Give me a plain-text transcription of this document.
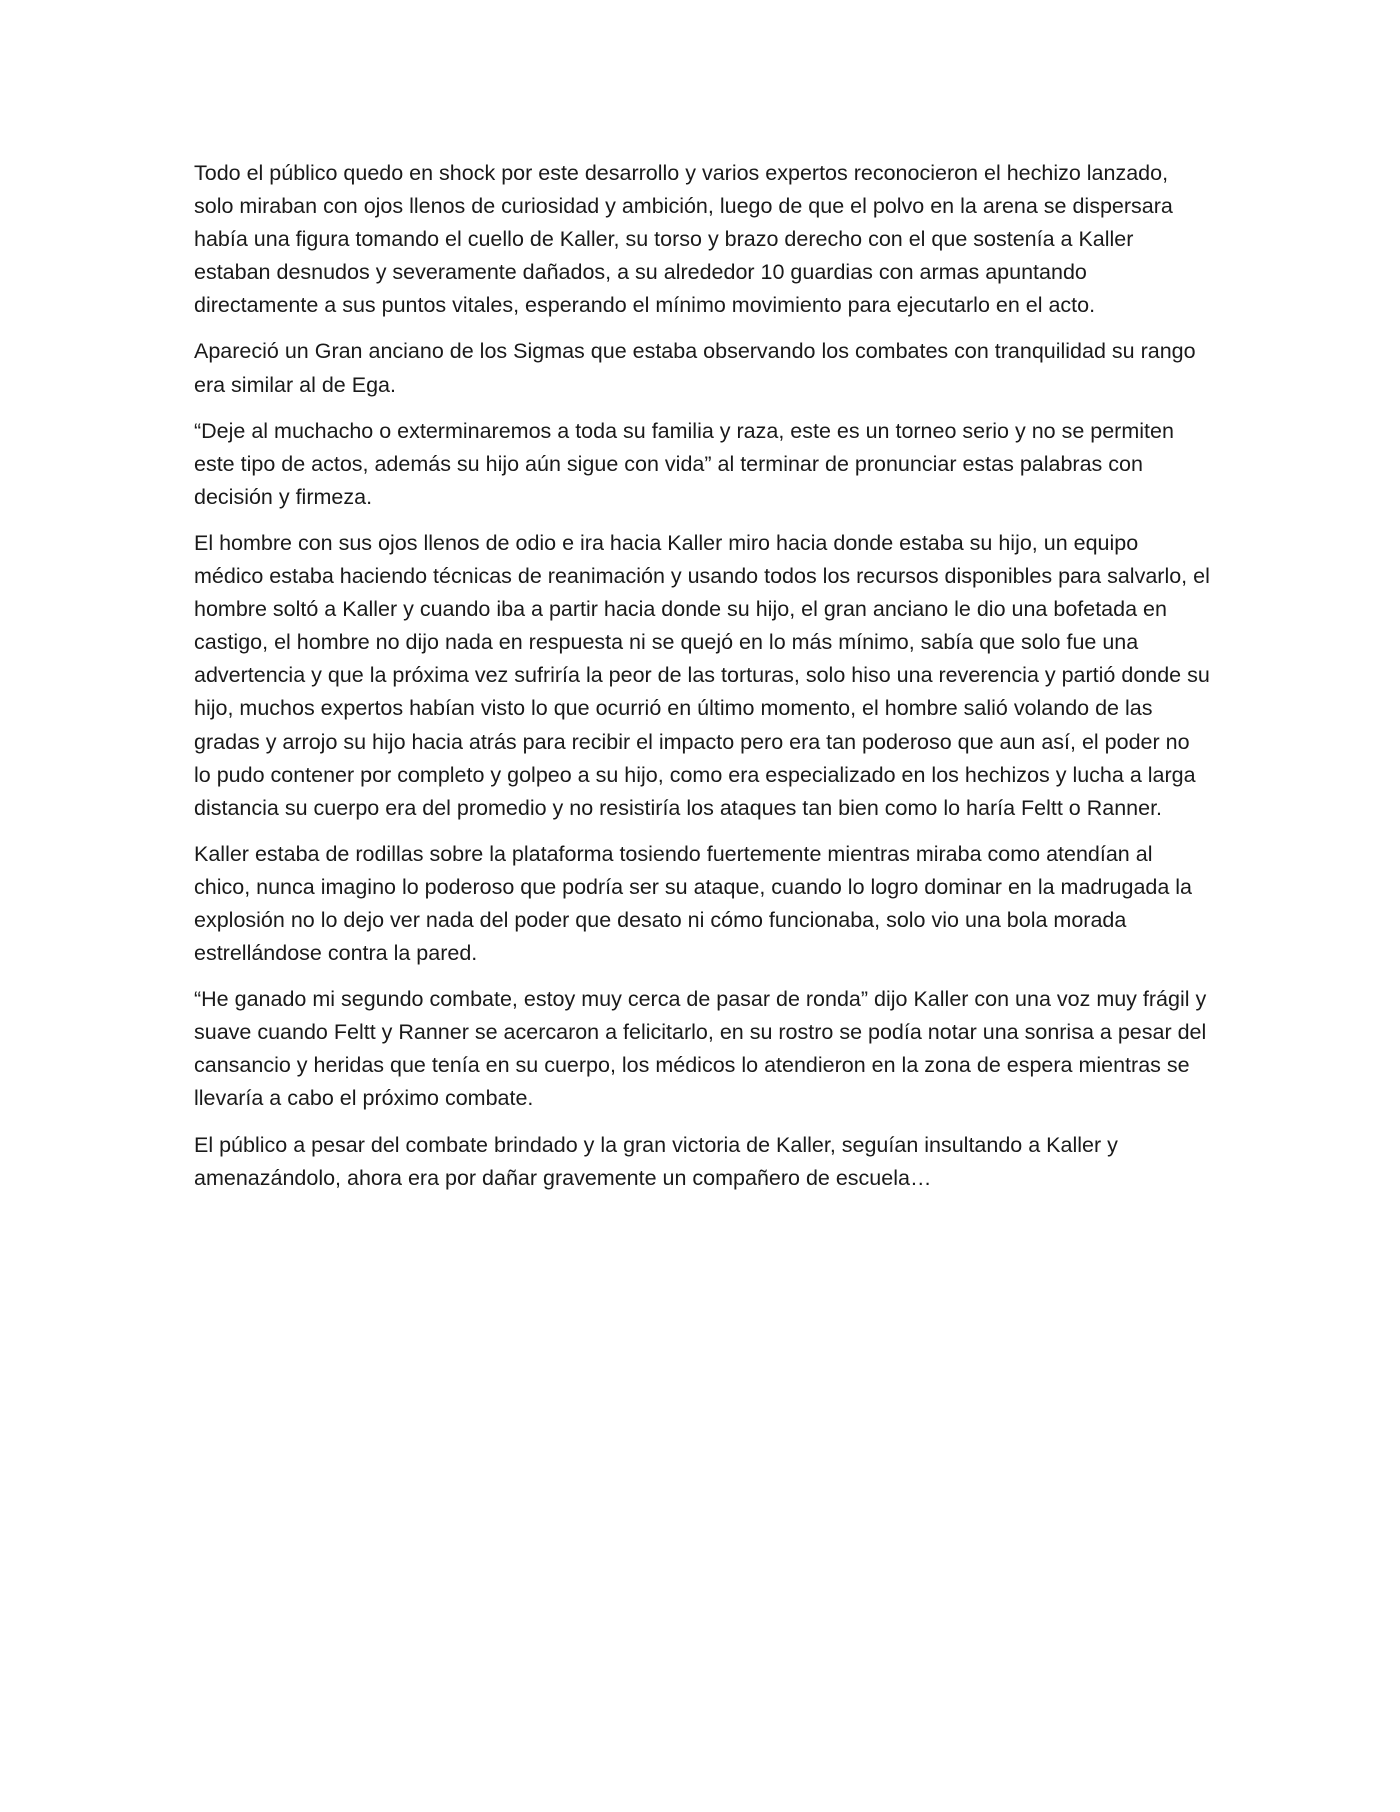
Todo el público quedo en shock por este desarrollo y varios expertos reconocieron el hechizo lanzado, solo miraban con ojos llenos de curiosidad y ambición, luego de que el polvo en la arena se dispersara había una figura tomando el cuello de Kaller, su torso y brazo derecho con el que sostenía a Kaller estaban desnudos y severamente dañados, a su alrededor 10 guardias con armas apuntando directamente a sus puntos vitales, esperando el mínimo movimiento para ejecutarlo en el acto.

Apareció un Gran anciano de los Sigmas que estaba observando los combates con tranquilidad su rango era similar al de Ega.

“Deje al muchacho o exterminaremos a toda su familia y raza, este es un torneo serio y no se permiten este tipo de actos, además su hijo aún sigue con vida” al terminar de pronunciar estas palabras con decisión y firmeza.

El hombre con sus ojos llenos de odio e ira hacia Kaller miro hacia donde estaba su hijo, un equipo médico estaba haciendo técnicas de reanimación y usando todos los recursos disponibles para salvarlo, el hombre soltó a Kaller y cuando iba a partir hacia donde su hijo, el gran anciano le dio una bofetada en castigo, el hombre no dijo nada en respuesta ni se quejó en lo más mínimo, sabía que solo fue una advertencia y que la próxima vez sufriría la peor de las torturas, solo hiso una reverencia y partió donde su hijo, muchos expertos habían visto lo que ocurrió en último momento, el hombre salió volando de las gradas y arrojo su hijo hacia atrás para recibir el impacto pero era tan poderoso que aun así, el poder no lo pudo contener por completo y golpeo a su hijo, como era especializado en los hechizos y lucha a larga distancia su cuerpo era del promedio y no resistiría los ataques tan bien como lo haría Feltt o Ranner.

Kaller estaba de rodillas sobre la plataforma tosiendo fuertemente mientras miraba como atendían al chico, nunca imagino lo poderoso que podría ser su ataque, cuando lo logro dominar en la madrugada la explosión no lo dejo ver nada del poder que desato ni cómo funcionaba, solo vio una bola morada estrellándose contra la pared.

“He ganado mi segundo combate, estoy muy cerca de pasar de ronda” dijo Kaller con una voz muy frágil y suave cuando Feltt y Ranner se acercaron a felicitarlo, en su rostro se podía notar una sonrisa a pesar del cansancio y heridas que tenía en su cuerpo, los médicos lo atendieron en la zona de espera mientras se llevaría a cabo el próximo combate.

El público a pesar del combate brindado y la gran victoria de Kaller, seguían insultando a Kaller y amenazándolo, ahora era por dañar gravemente un compañero de escuela…
